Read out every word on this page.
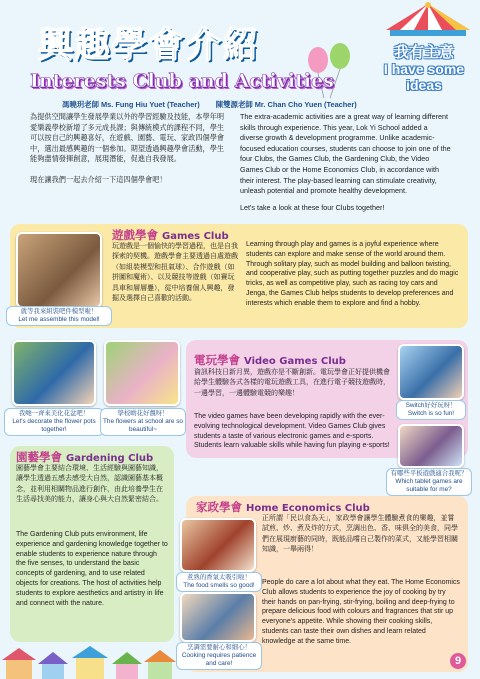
興趣學會介紹
Interests Club and Activities
我有主意
I have some ideas
馮曉玥老師 Ms. Fung Hiu Yuet (Teacher) 陳雙源老師 Mr. Chan Cho Yuen (Teacher)
為提供空間讓學生發展學業以外的學習經驗及技能，本學年明愛樂義學校新增了多元成長課；與傳統模式的課程不同，學生可以按自己的興趣喜好，在遊戲、園藝、電玩、家政四個學會中，選出最感興趣的一個參加。期望透過興趣學會活動，學生能夠盡情發揮創意，展現潛能，促進自我發展。
現在讓我們一起去介紹一下這四個學會吧！
The extra-academic activities are a great way of learning different skills through experience. This year, Lok Yi School added a diverse growth & development programme. Unlike academic-focused education courses, students can choose to join one of the four Clubs, the Games Club, the Gardening Club, the Video Games Club or the Home Economics Club, in accordance with their interest. The play-based learning can stimulate creativity, unleash potential and promote healthy development.
Let's take a look at these four Clubs together!
就等我來組裝吧件模型啦！
Let me assemble this model!
遊戲學會 Games Club
玩遊戲是一個愉快的學習過程，也是自我探索的契機。遊戲學會主要透過自處遊戲（如組裝模型和扭氣球）、合作遊戲（如拼圖和魔術）、以及競技等遊戲（如賽玩具車和層層疊），從中培養個人興趣，發掘及選擇自己喜歡的活動。
Learning through play and games is a joyful experience where students can explore and make sense of the world around them. Through solitary play, such as model building and balloon twisting, and cooperative play, such as putting together puzzles and do magic tricks, as well as competitive play, such as racing toy cars and Jenga, the Games Club helps students to develop preferences and interests which enable them to explore and find a hobby.
電玩學會 Video Games Club
資訊科技日新月異，遊戲亦是不斷創新。電玩學會正好提供機會給學生體驗各式各樣的電玩遊戲工具，在進行電子競技遊戲時，一邊學習，一邊體驗電競的樂趣！
The video games have been developing rapidly with the ever-evolving technological development. Video Games Club gives students a taste of various electronic games and e-sports. Students learn valuable skills while having fun playing e-sports!
Switch好好玩呀！
Switch is so fun!
有哪些平板遊戲適合我呢？
Which tablet games are suitable for me?
我哋一齊來美化花盆吧！
Let's decorate the flower pots together!
學校啲花好靚呀！
The flowers at school are so beautiful~
園藝學會 Gardening Club
園藝學會主要結合環境、生活經驗與園藝知識，讓學生透過五感去感受大自然，認識園藝基本概念，並利用相關物品進行創作，由此培養學生在生活尋找美的能力，讓身心與大自然緊密結合。
The Gardening Club puts environment, life experience and gardening knowledge together to enable students to experience nature through the five senses, to understand the basic concepts of gardening, and to use related objects for creations. The host of activities help students to explore aesthetics and artistry in life and connect with the nature.
家政學會 Home Economics Club
煮熟的香氣太吸引啦！
The food smells so good!
烹調需要耐心和細心！
Cooking requires patience and care!
正所謂「民以食為天」，家政學會讓學生體驗煮食的樂趣，並嘗試煎、炒、煮及炸的方式，烹調出色、香、味俱全的美食，同學們在展現廚藝的同時，既能品嚐自己製作的菜式，又能學習相關知識，一舉兩得！
People do care a lot about what they eat. The Home Economics Club allows students to experience the joy of cooking by try their hands on pan-frying, stir-frying, boiling and deep-frying to prepare delicious food with colours and fragrances that stir up everyone's appetite. While showing their cooking skills, students can taste their own dishes and learn related knowledge at the same time.
9
